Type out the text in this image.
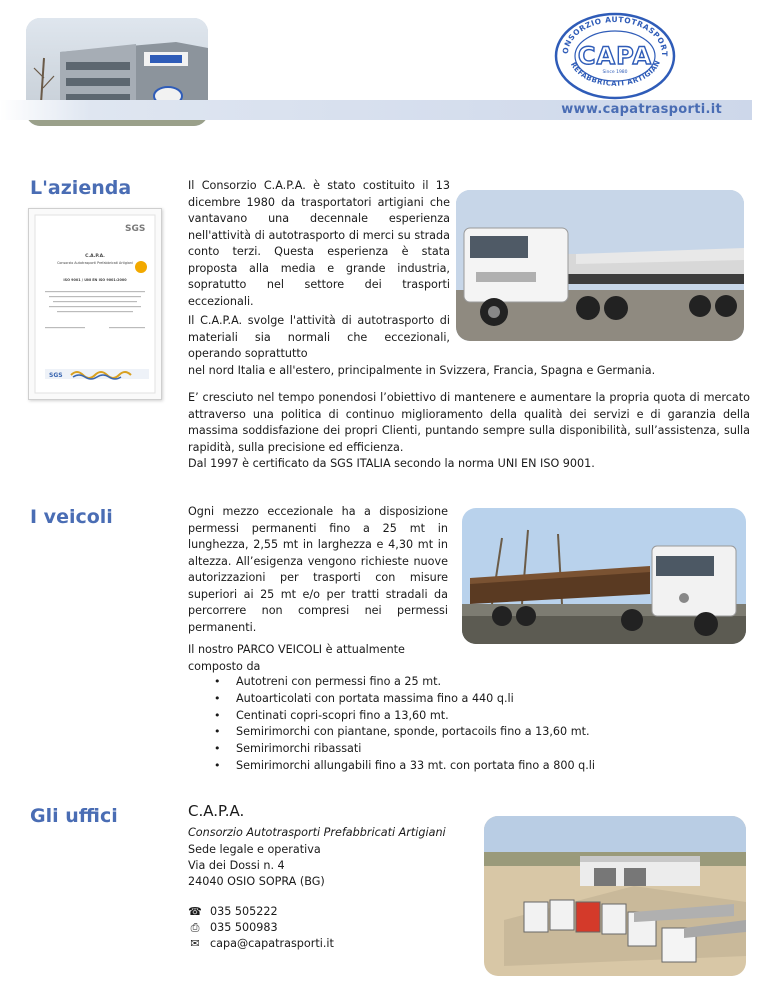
ONSORZIO AUTOTRASPORT
CAPA
Since 1980
REFABBRICATI ARTIGIAN
www.capatrasporti.it
L'azienda
SGS
C.A.P.A.
Consorzio Autotrasporti Prefabbricati Artigiani
ISO 9001 / UNI EN ISO 9001:2000
SGS
Il Consorzio C.A.P.A. è stato costituito il 13 dicembre 1980 da trasportatori artigiani che vantavano una decennale esperienza nell'attività di autotrasporto di merci su strada conto terzi. Questa esperienza è stata proposta alla media e grande industria, sopratutto nel settore dei trasporti eccezionali.
Il C.A.P.A. svolge l'attività di autotrasporto di materiali sia normali che eccezionali, operando soprattutto
nel nord Italia e all'estero, principalmente in Svizzera, Francia, Spagna e Germania.
E’ cresciuto nel tempo ponendosi l’obiettivo di mantenere e aumentare la propria quota di mercato attraverso una politica di continuo miglioramento della qualità dei servizi e di garanzia della massima soddisfazione dei propri Clienti, puntando sempre sulla disponibilità, sull’assistenza, sulla rapidità, sulla precisione ed efficienza.
Dal 1997 è certificato da SGS ITALIA secondo la norma UNI EN ISO 9001.
I veicoli	Ogni mezzo eccezionale ha a disposizione permessi permanenti fino a 25 mt in lunghezza, 2,55 mt in larghezza e 4,30 mt in altezza. All’esigenza vengono richieste nuove autorizzazioni per trasporti con misure superiori ai 25 mt e/o per tratti stradali da percorrere non compresi nei permessi permanenti.
Il nostro PARCO VEICOLI è attualmente composto da
• Autotreni con permessi fino a 25 mt.
• Autoarticolati con portata massima fino a 440 q.li
• Centinati copri-scopri fino a 13,60 mt.
• Semirimorchi con piantane, sponde, portacoils fino a 13,60 mt.
• Semirimorchi ribassati
• Semirimorchi allungabili fino a 33 mt. con portata fino a 800 q.li
Gli uffici	C.A.P.A.
Consorzio Autotrasporti Prefabbricati Artigiani
Sede legale e operativa
Via dei Dossi n. 4
24040 OSIO SOPRA (BG)
☎ 035 505222
⎙ 035 500983
✉ capa@capatrasporti.it
